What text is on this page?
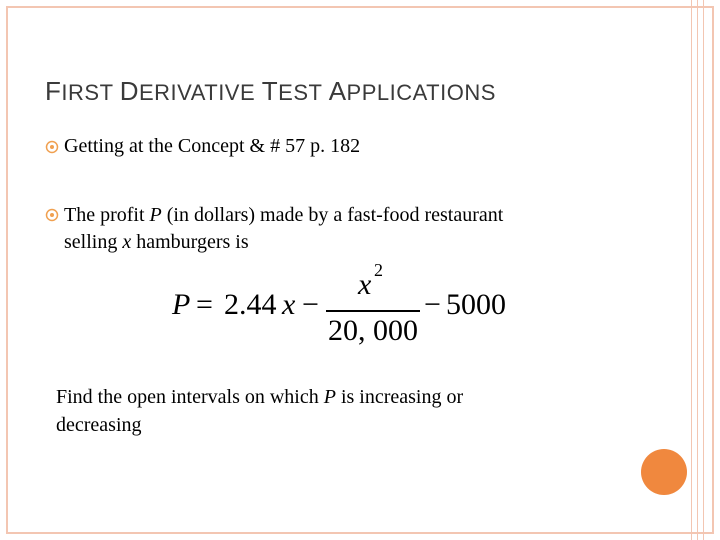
FIRST DERIVATIVE TEST APPLICATIONS
Getting at the Concept & # 57 p. 182
The profit P (in dollars) made by a fast-food restaurant
selling x hamburgers is
P = 2.44 x −
x 2
20, 000
− 5000
Find the open intervals on which P is increasing or
decreasing
